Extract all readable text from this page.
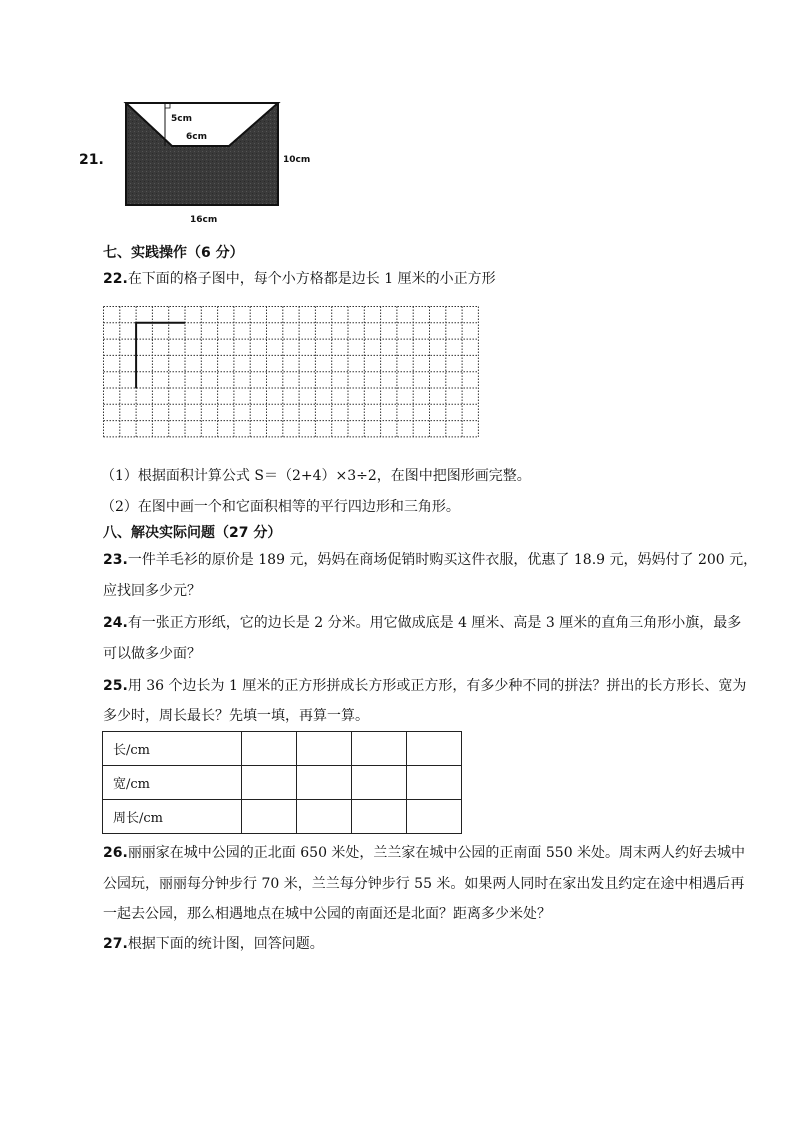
21.
5cm
6cm
10cm
16cm
七、实践操作（6 分）
22.在下面的格子图中，每个小方格都是边长 1 厘米的小正方形
（1）根据面积计算公式 S＝（2+4）×3÷2，在图中把图形画完整。
（2）在图中画一个和它面积相等的平行四边形和三角形。
八、解决实际问题（27 分）
23.一件羊毛衫的原价是 189 元，妈妈在商场促销时购买这件衣服，优惠了 18.9 元，妈妈付了 200 元，
应找回多少元？
24.有一张正方形纸，它的边长是 2 分米。用它做成底是 4 厘米、高是 3 厘米的直角三角形小旗，最多
可以做多少面？
25.用 36 个边长为 1 厘米的正方形拼成长方形或正方形，有多少种不同的拼法？拼出的长方形长、宽为
多少时，周长最长？先填一填，再算一算。
长/cm				
宽/cm				
周长/cm				
26.丽丽家在城中公园的正北面 650 米处，兰兰家在城中公园的正南面 550 米处。周末两人约好去城中
公园玩，丽丽每分钟步行 70 米，兰兰每分钟步行 55 米。如果两人同时在家出发且约定在途中相遇后再
一起去公园，那么相遇地点在城中公园的南面还是北面？距离多少米处？
27.根据下面的统计图，回答问题。
